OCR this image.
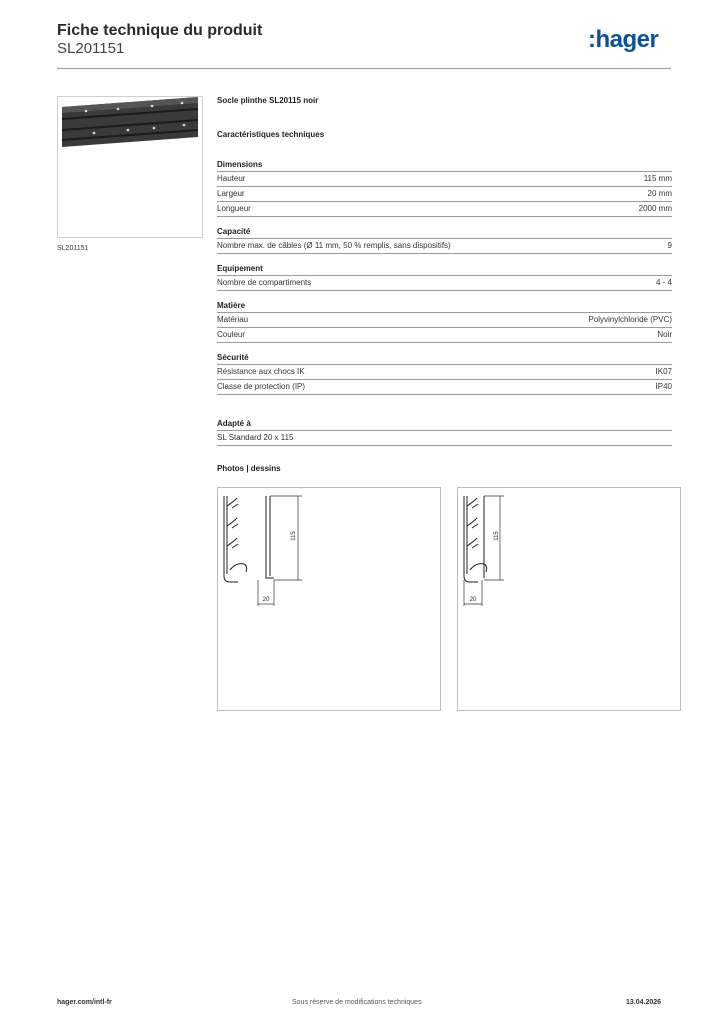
Fiche technique du produit
SL201151	:hager
SL201151
Socle plinthe SL20115 noir
Caractéristiques techniques
Dimensions
Hauteur	115 mm
Largeur	20 mm
Longueur	2000 mm
Capacité
Nombre max. de câbles (Ø 11 mm, 50 % remplis, sans dispositifs)	9
Equipement
Nombre de compartiments	4 - 4
Matière
Matériau	Polyvinylchloride (PVC)
Couleur	Noir
Sécurité
Résistance aux chocs IK	IK07
Classe de protection (IP)	IP40
Adapté à
SL Standard 20 x 115
Photos | dessins
115
20
115
20
hager.com/intl-fr	Sous réserve de modifications techniques	13.04.2026
